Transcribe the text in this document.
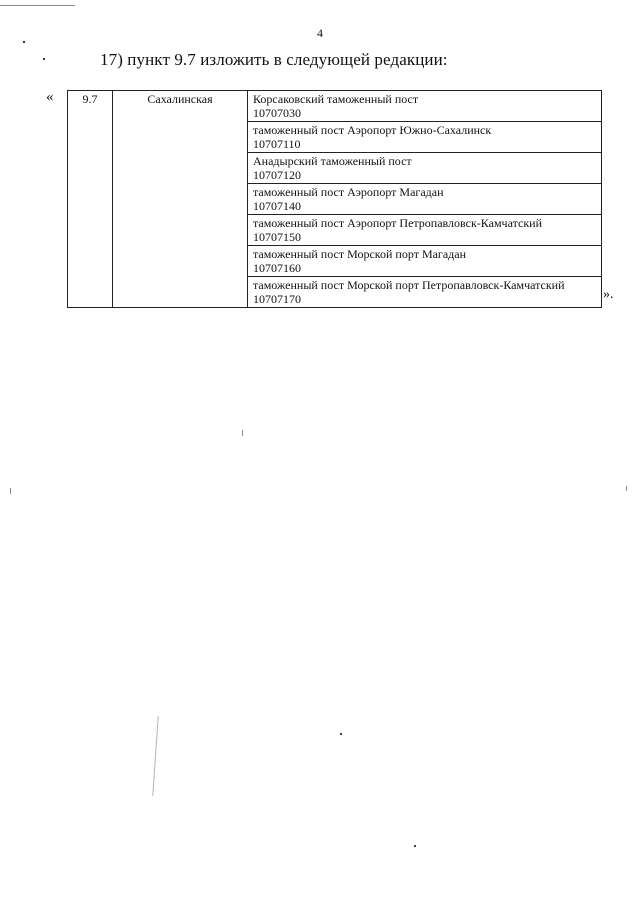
4
17) пункт 9.7 изложить в следующей редакции:
« 9.7	Сахалинская	Корсаковский таможенный пост
10707030

таможенный пост Аэропорт Южно-Сахалинск
10707110

Анадырский таможенный пост
10707120

таможенный пост Аэропорт Магадан
10707140

таможенный пост Аэропорт Петропавловск-Камчатский
10707150

таможенный пост Морской порт Магадан
10707160

таможенный пост Морской порт Петропавловск-Камчатский
10707170	».
